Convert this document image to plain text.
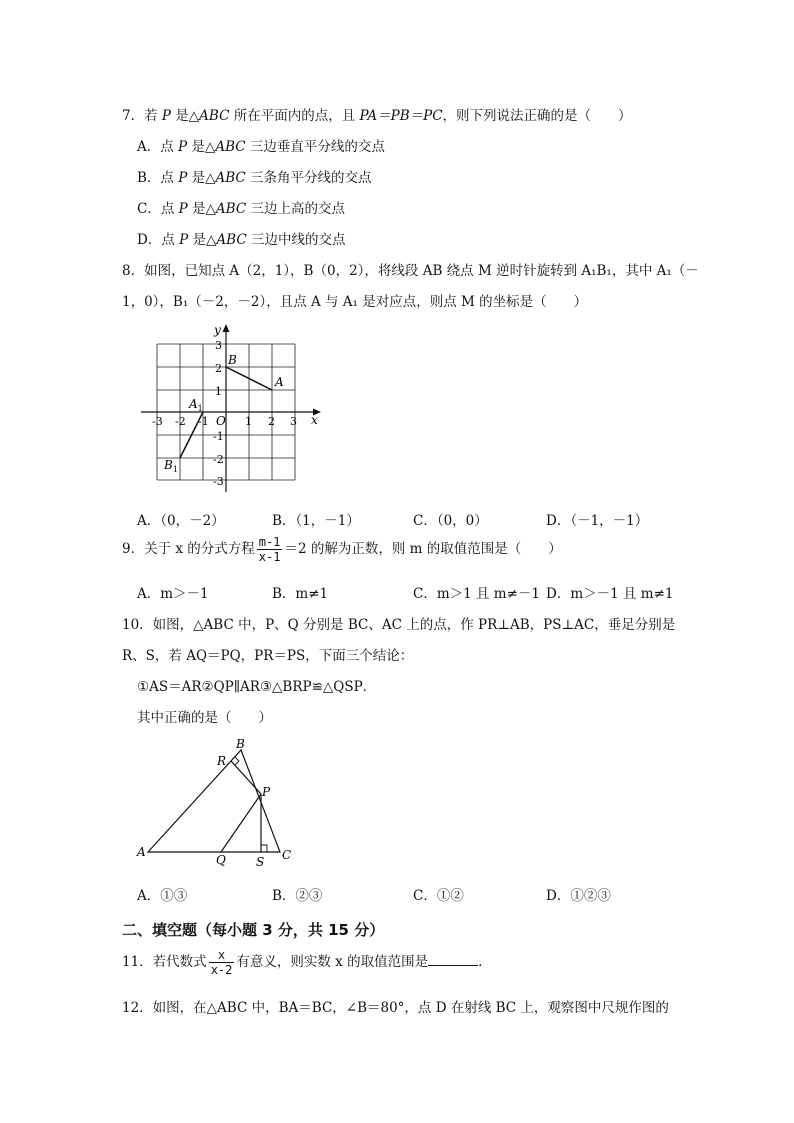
7．若 P 是△ABC 所在平面内的点，且 PA＝PB＝PC，则下列说法正确的是（　　）
A．点 P 是△ABC 三边垂直平分线的交点
B．点 P 是△ABC 三条角平分线的交点
C．点 P 是△ABC 三边上高的交点
D．点 P 是△ABC 三边中线的交点
8．如图，已知点 A（2，1），B（0，2），将线段 AB 绕点 M 逆时针旋转到 A₁B₁，其中 A₁（－
1，0），B₁（－2，－2），且点 A 与 A₁ 是对应点，则点 M 的坐标是（　　）
x
y
O
-3 -2 -1	1 2 3
3
2
1
-1
-2
-3
A
B
$A_1$
$B_1$
A．（0，－2）	B．（1，－1）	C．（0，0）	D．（－1，－1）
9．关于 x 的分式方程 $\frac{m-1}{x-1} =2$ 的解为正数，则 m 的取值范围是（　　）
A．m＞－1	B．m≠1	C．m＞1 且 m≠－1 D．m＞－1 且 m≠1
10．如图，△ABC 中，P、Q 分别是 BC、AC 上的点，作 PR⊥AB，PS⊥AC，垂足分别是
R、S，若 AQ＝PQ，PR＝PS，下面三个结论：
①AS＝AR②QP∥AR③△BRP≌△QSP．
其中正确的是（　　）
A
B
C
P
Q
R
S
A．①③	B．②③	C．①②	D．①②③
二、填空题（每小题 3 分，共 15 分）
11．若代数式 $\frac{x}{x-2}$ 有意义，则实数 x 的取值范围是	．
12．如图，在△ABC 中，BA＝BC，∠B＝80°，点 D 在射线 BC 上，观察图中尺规作图的
